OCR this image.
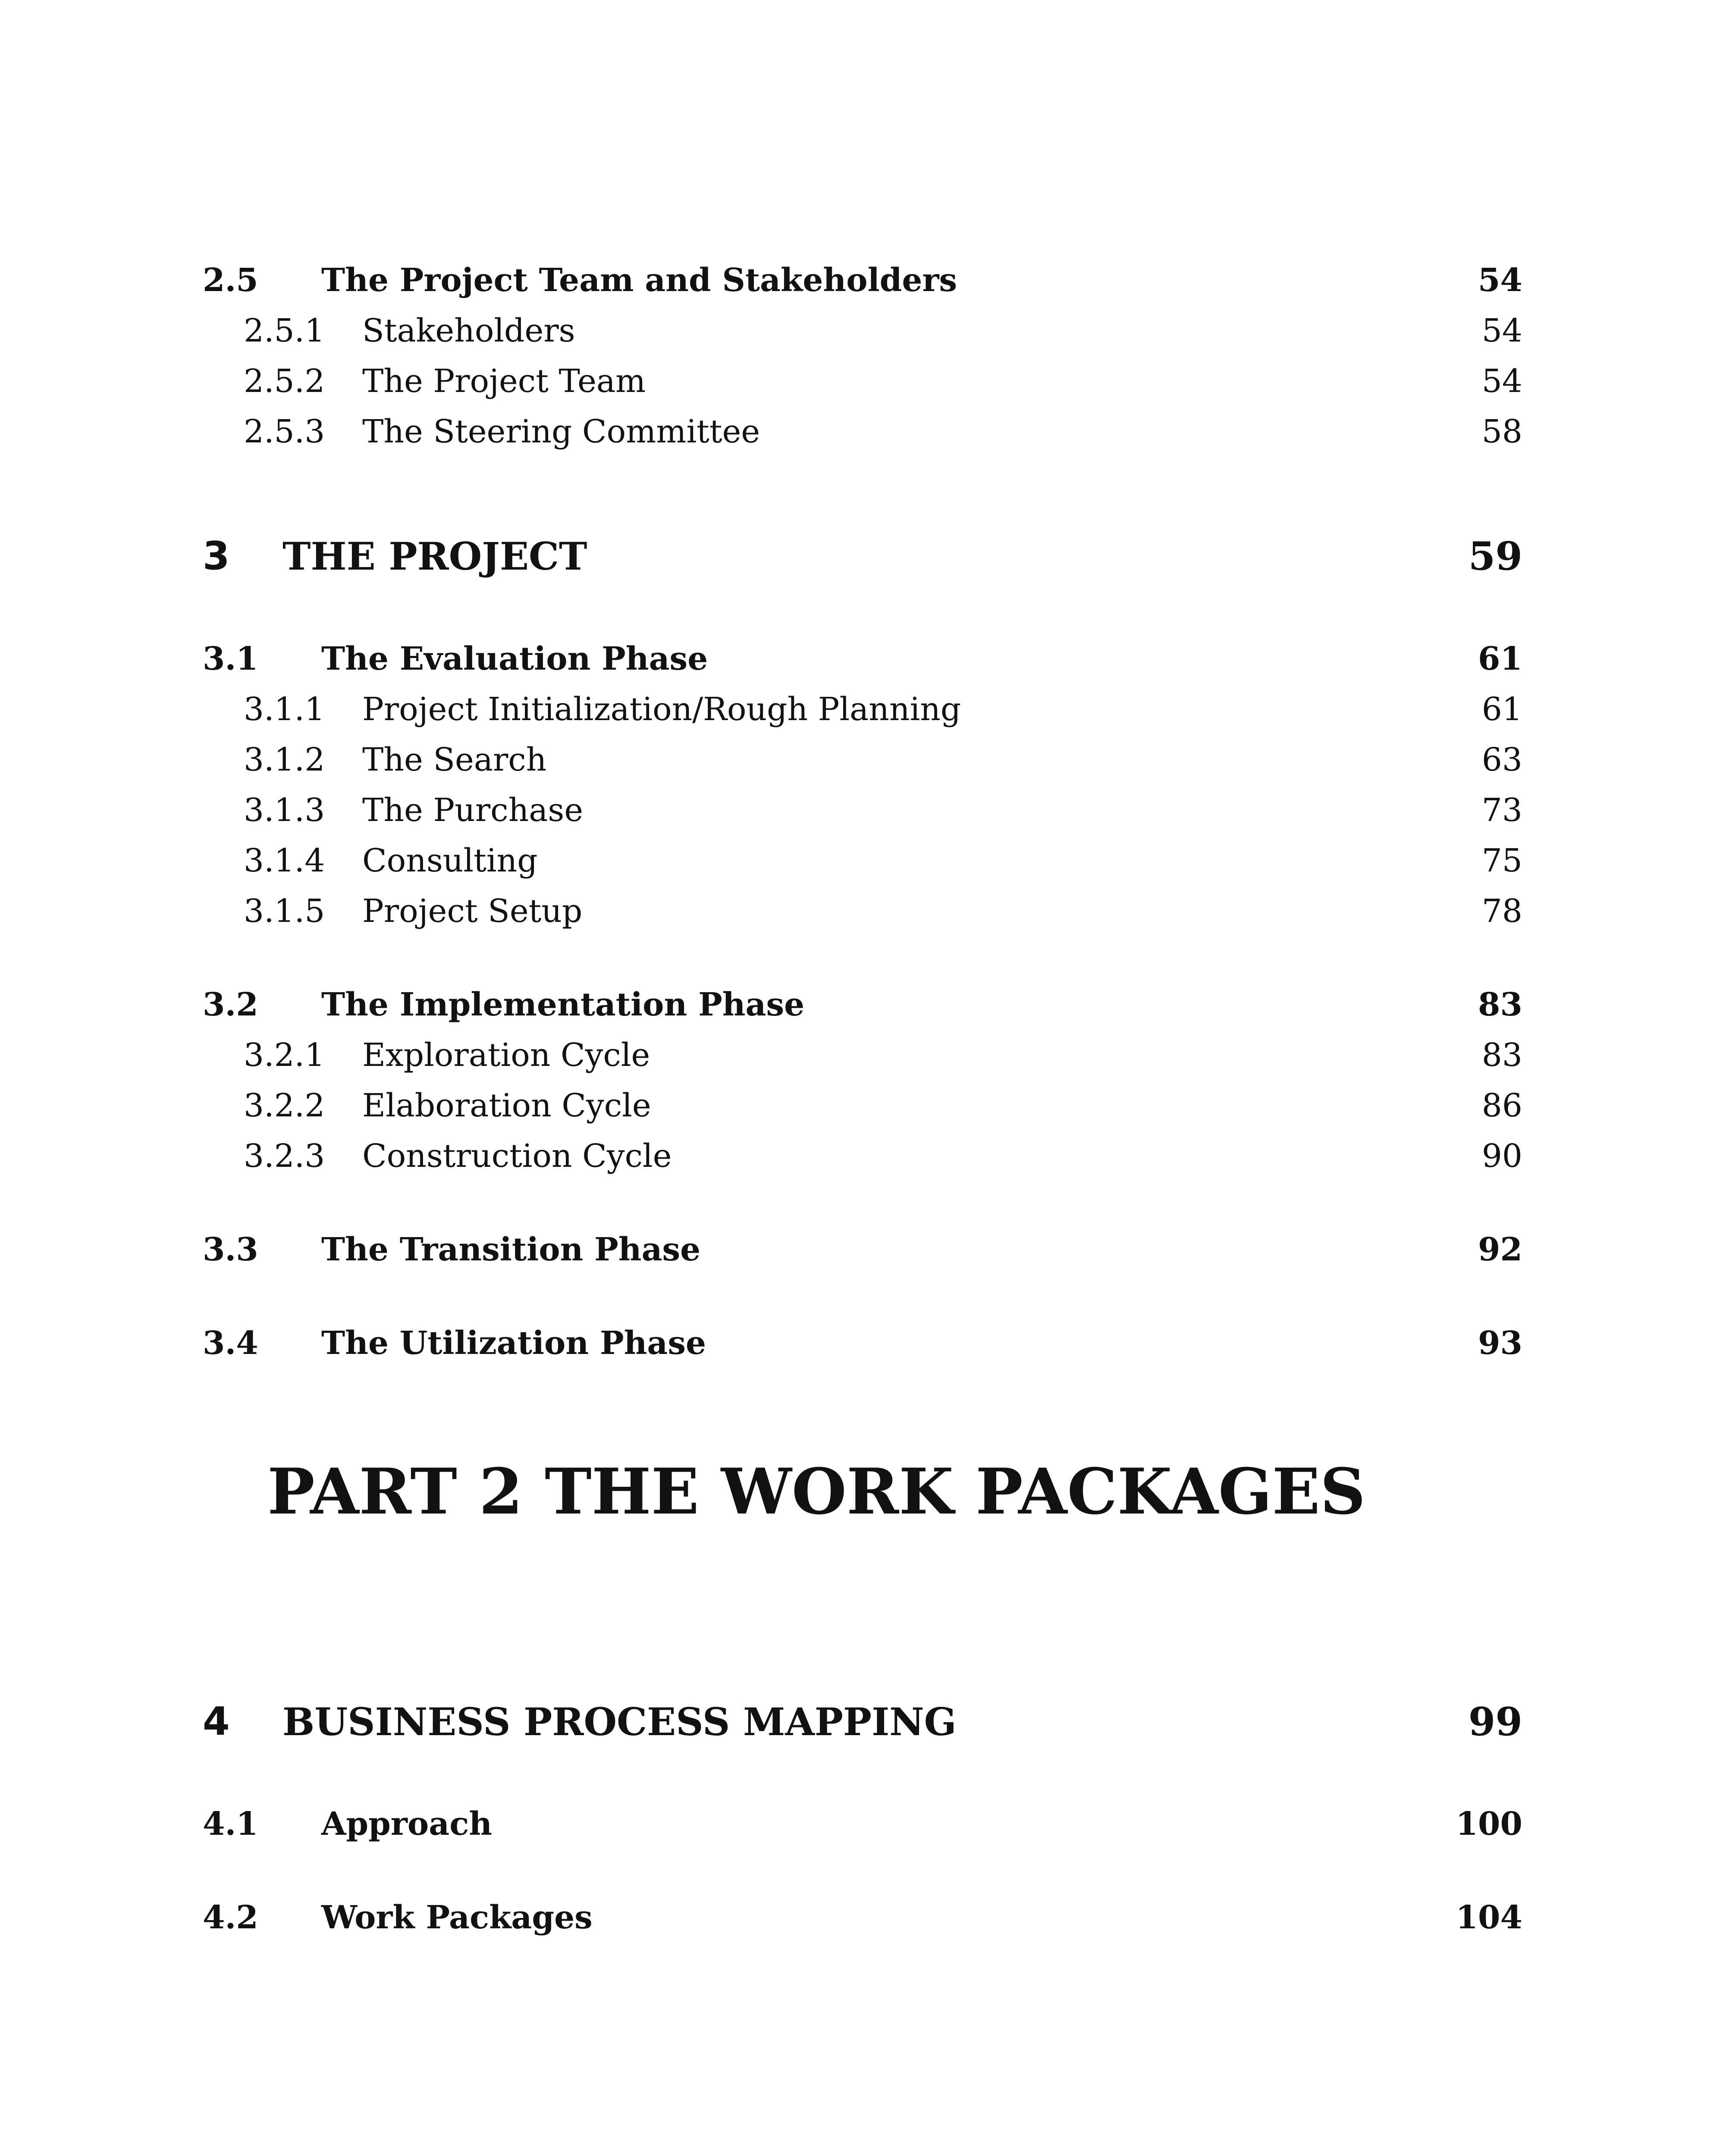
2.5 The Project Team and Stakeholders	54
2.5.1 Stakeholders	54
2.5.2 The Project Team	54
2.5.3 The Steering Committee	58
3 THE PROJECT	59
3.1 The Evaluation Phase	61
3.1.1 Project Initialization/Rough Planning	61
3.1.2 The Search	63
3.1.3 The Purchase	73
3.1.4 Consulting	75
3.1.5 Project Setup	78
3.2 The Implementation Phase	83
3.2.1 Exploration Cycle	83
3.2.2 Elaboration Cycle	86
3.2.3 Construction Cycle	90
3.3 The Transition Phase	92
3.4 The Utilization Phase	93
PART 2 THE WORK PACKAGES
4 BUSINESS PROCESS MAPPING	99
4.1 Approach	100
4.2 Work Packages	104
